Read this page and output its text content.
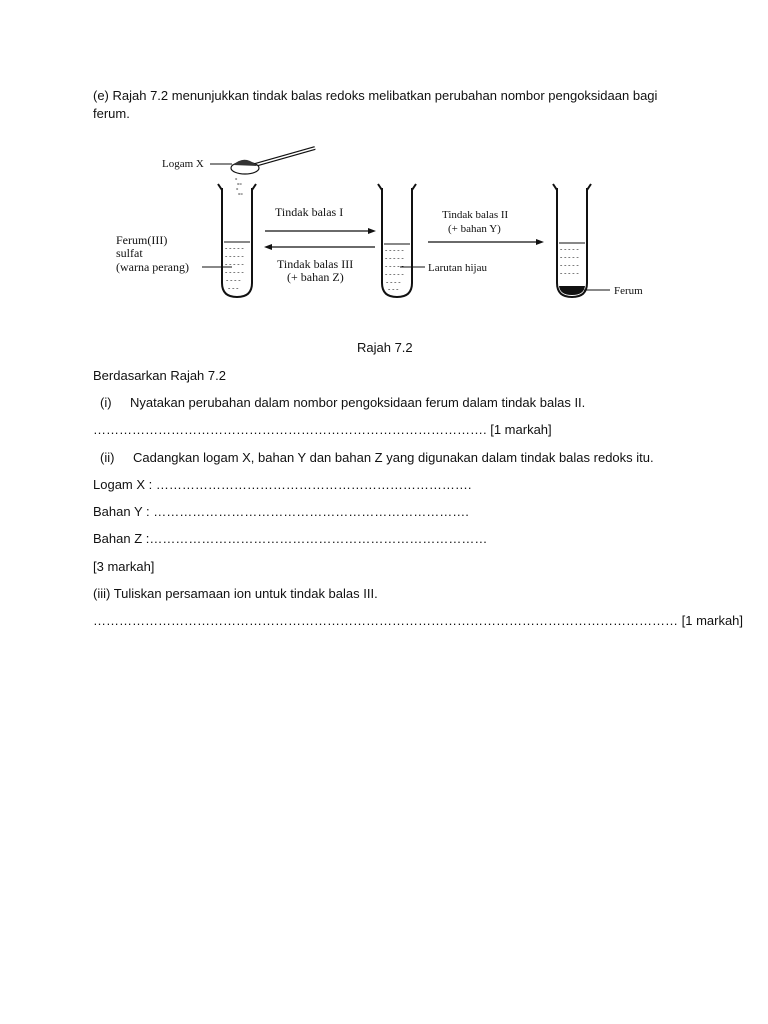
(e) Rajah 7.2 menunjukkan tindak balas redoks melibatkan perubahan nombor pengoksidaan bagi ferum.
°
°°
°
°°
Logam X
- - - - -
- - - - -
- - - - -
- - - - -
- - - -
- - -
Ferum(III)
sulfat
(warna perang)
Tindak balas I
Tindak balas III
(+ bahan Z)
- - - - -
- - - - -
- - - - -
- - - - -
- - - -
- - -
Larutan hijau
Tindak balas II
(+ bahan Y)
- - - - -
- - - - -
- - - - -
- - - - -
Ferum
Rajah 7.2
Berdasarkan Rajah 7.2
(i) Nyatakan perubahan dalam nombor pengoksidaan ferum dalam tindak balas II.
………………………………………………………………………………. [1 markah]
(ii) Cadangkan logam X, bahan Y dan bahan Z yang digunakan dalam tindak balas redoks itu.
Logam X : ……………………………………………………………….
Bahan Y : ……………………………………………………………….
Bahan Z :……………………………………………………………………
[3 markah]
(iii) Tuliskan persamaan ion untuk tindak balas III.
……………………………………………………………………………………………………………………… [1 markah]
